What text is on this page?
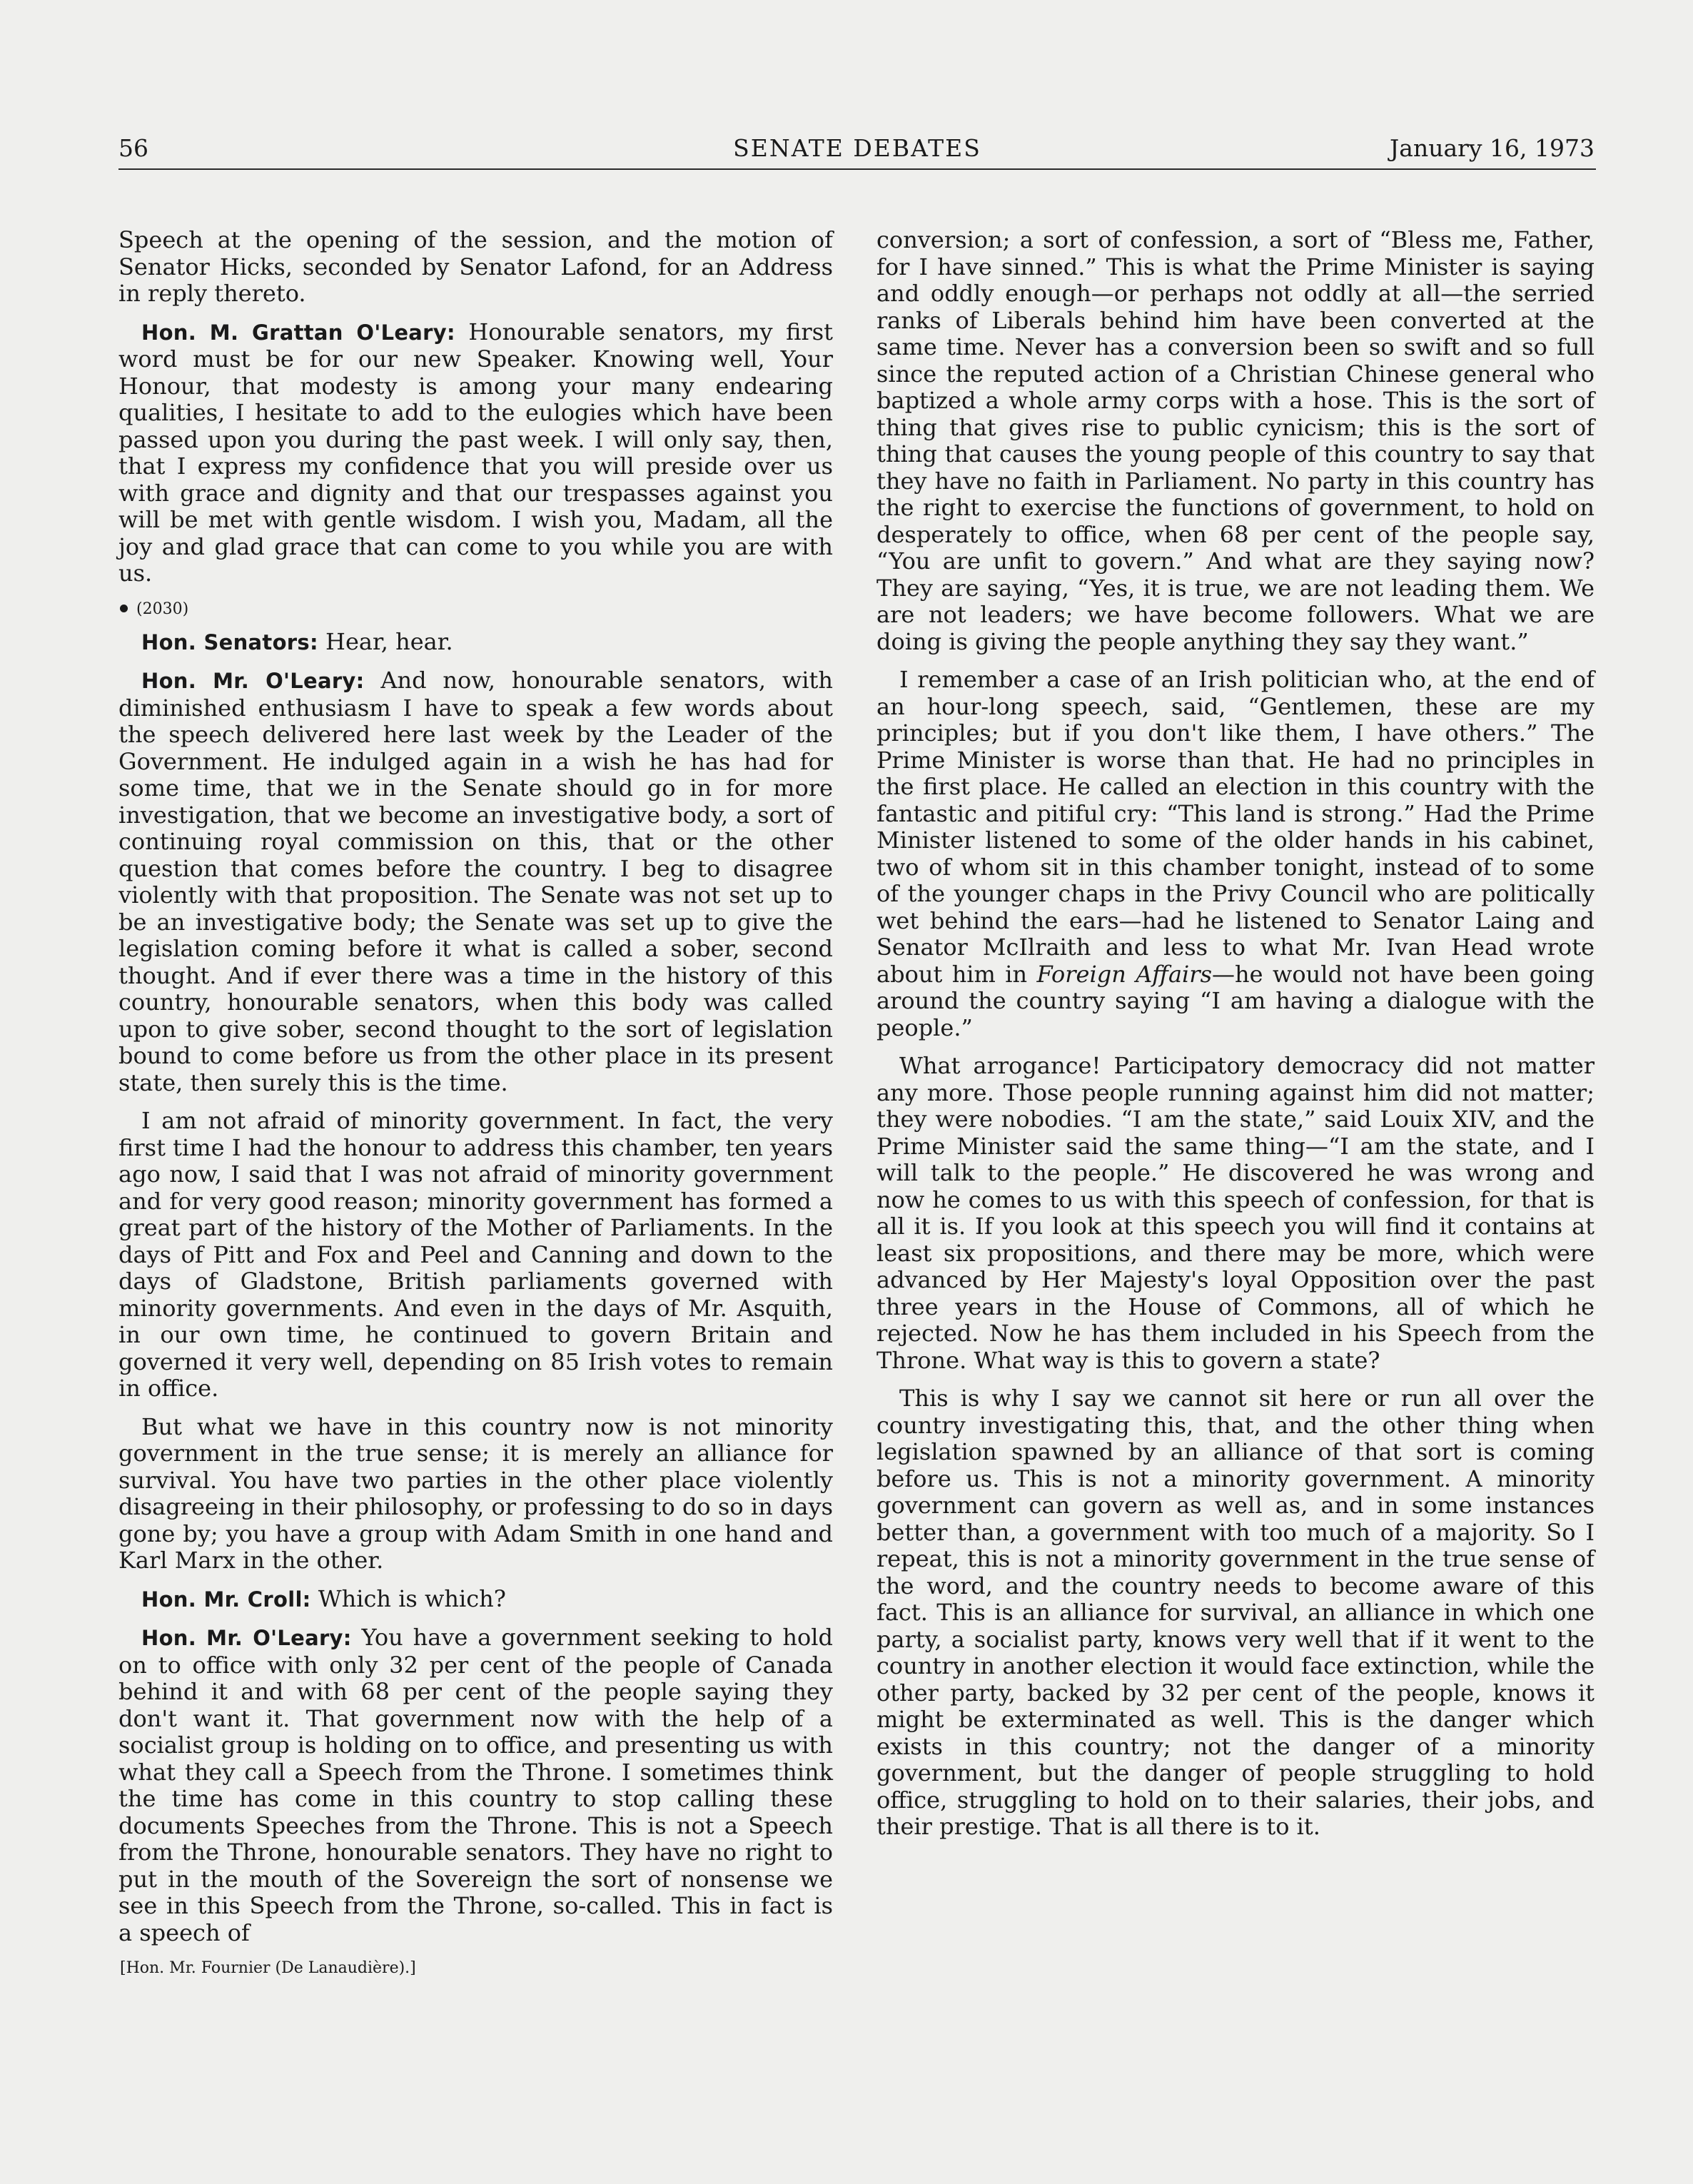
56	SENATE DEBATES	January 16, 1973

Speech at the opening of the session, and the motion of Senator Hicks, seconded by Senator Lafond, for an Address in reply thereto.

Hon. M. Grattan O'Leary: Honourable senators, my first word must be for our new Speaker. Knowing well, Your Honour, that modesty is among your many endearing qualities, I hesitate to add to the eulogies which have been passed upon you during the past week. I will only say, then, that I express my confidence that you will preside over us with grace and dignity and that our trespasses against you will be met with gentle wisdom. I wish you, Madam, all the joy and glad grace that can come to you while you are with us.

(2030)

Hon. Senators: Hear, hear.

Hon. Mr. O'Leary: And now, honourable senators, with diminished enthusiasm I have to speak a few words about the speech delivered here last week by the Leader of the Government. He indulged again in a wish he has had for some time, that we in the Senate should go in for more investigation, that we become an investigative body, a sort of continuing royal commission on this, that or the other question that comes before the country. I beg to disagree violently with that proposition. The Senate was not set up to be an investigative body; the Senate was set up to give the legislation coming before it what is called a sober, second thought. And if ever there was a time in the history of this country, honourable senators, when this body was called upon to give sober, second thought to the sort of legislation bound to come before us from the other place in its present state, then surely this is the time.

I am not afraid of minority government. In fact, the very first time I had the honour to address this chamber, ten years ago now, I said that I was not afraid of minority government and for very good reason; minority government has formed a great part of the history of the Mother of Parliaments. In the days of Pitt and Fox and Peel and Canning and down to the days of Gladstone, British parliaments governed with minority governments. And even in the days of Mr. Asquith, in our own time, he continued to govern Britain and governed it very well, depending on 85 Irish votes to remain in office.

But what we have in this country now is not minority government in the true sense; it is merely an alliance for survival. You have two parties in the other place violently disagreeing in their philosophy, or professing to do so in days gone by; you have a group with Adam Smith in one hand and Karl Marx in the other.

Hon. Mr. Croll: Which is which?

Hon. Mr. O'Leary: You have a government seeking to hold on to office with only 32 per cent of the people of Canada behind it and with 68 per cent of the people saying they don't want it. That government now with the help of a socialist group is holding on to office, and presenting us with what they call a Speech from the Throne. I sometimes think the time has come in this country to stop calling these documents Speeches from the Throne. This is not a Speech from the Throne, honourable senators. They have no right to put in the mouth of the Sovereign the sort of nonsense we see in this Speech from the Throne, so-called. This in fact is a speech of

[Hon. Mr. Fournier (De Lanaudière).]

conversion; a sort of confession, a sort of “Bless me, Father, for I have sinned.” This is what the Prime Minister is saying and oddly enough—or perhaps not oddly at all—the serried ranks of Liberals behind him have been converted at the same time. Never has a conversion been so swift and so full since the reputed action of a Christian Chinese general who baptized a whole army corps with a hose. This is the sort of thing that gives rise to public cynicism; this is the sort of thing that causes the young people of this country to say that they have no faith in Parliament. No party in this country has the right to exercise the functions of government, to hold on desperately to office, when 68 per cent of the people say, “You are unfit to govern.” And what are they saying now? They are saying, “Yes, it is true, we are not leading them. We are not leaders; we have become followers. What we are doing is giving the people anything they say they want.”

I remember a case of an Irish politician who, at the end of an hour-long speech, said, “Gentlemen, these are my principles; but if you don't like them, I have others.” The Prime Minister is worse than that. He had no principles in the first place. He called an election in this country with the fantastic and pitiful cry: “This land is strong.” Had the Prime Minister listened to some of the older hands in his cabinet, two of whom sit in this chamber tonight, instead of to some of the younger chaps in the Privy Council who are politically wet behind the ears—had he listened to Senator Laing and Senator McIlraith and less to what Mr. Ivan Head wrote about him in Foreign Affairs—he would not have been going around the country saying “I am having a dialogue with the people.”

What arrogance! Participatory democracy did not matter any more. Those people running against him did not matter; they were nobodies. “I am the state,” said Louix XIV, and the Prime Minister said the same thing—“I am the state, and I will talk to the people.” He discovered he was wrong and now he comes to us with this speech of confession, for that is all it is. If you look at this speech you will find it contains at least six propositions, and there may be more, which were advanced by Her Majesty's loyal Opposition over the past three years in the House of Commons, all of which he rejected. Now he has them included in his Speech from the Throne. What way is this to govern a state?

This is why I say we cannot sit here or run all over the country investigating this, that, and the other thing when legislation spawned by an alliance of that sort is coming before us. This is not a minority government. A minority government can govern as well as, and in some instances better than, a government with too much of a majority. So I repeat, this is not a minority government in the true sense of the word, and the country needs to become aware of this fact. This is an alliance for survival, an alliance in which one party, a socialist party, knows very well that if it went to the country in another election it would face extinction, while the other party, backed by 32 per cent of the people, knows it might be exterminated as well. This is the danger which exists in this country; not the danger of a minority government, but the danger of people struggling to hold office, struggling to hold on to their salaries, their jobs, and their prestige. That is all there is to it.
